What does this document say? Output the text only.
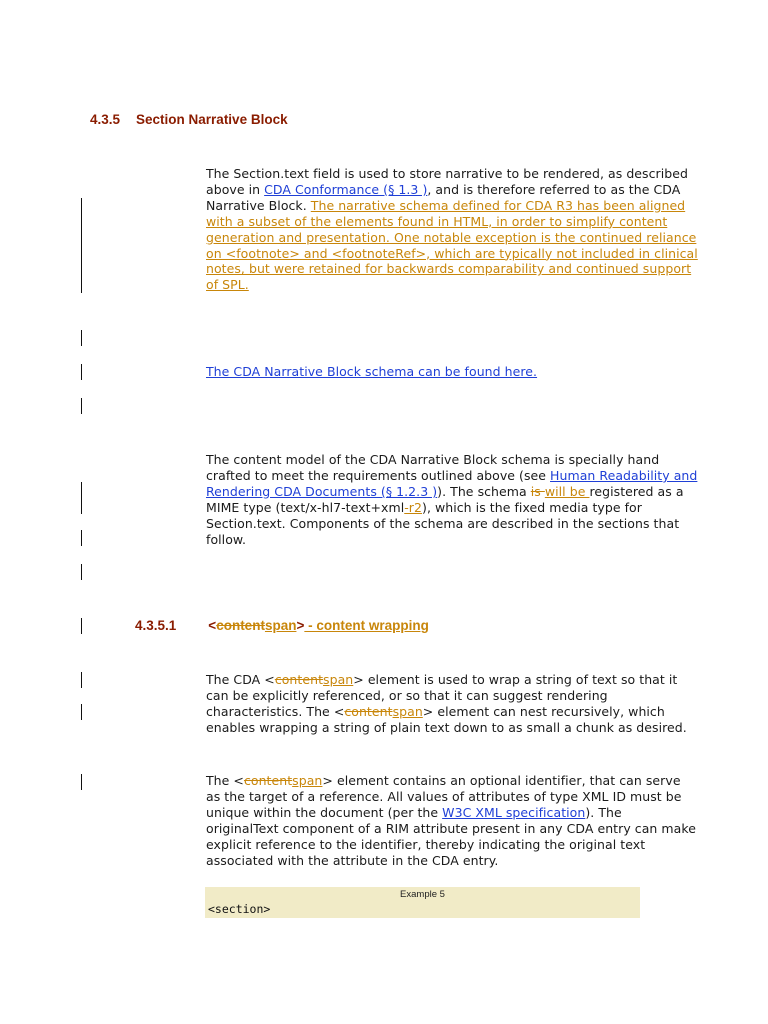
4.3.5 Section Narrative Block
The Section.text field is used to store narrative to be rendered, as described above in CDA Conformance (§ 1.3 ), and is therefore referred to as the CDA Narrative Block. The narrative schema defined for CDA R3 has been aligned with a subset of the elements found in HTML, in order to simplify content generation and presentation. One notable exception is the continued reliance on <footnote> and <footnoteRef>, which are typically not included in clinical notes, but were retained for backwards comparability and continued support of SPL.
The CDA Narrative Block schema can be found here.
The content model of the CDA Narrative Block schema is specially hand crafted to meet the requirements outlined above (see Human Readability and Rendering CDA Documents (§ 1.2.3 )). The schema is will be registered as a MIME type (text/x-hl7-text+xml-r2), which is the fixed media type for Section.text. Components of the schema are described in the sections that follow.
4.3.5.1 <contentspan> - content wrapping
The CDA <contentspan> element is used to wrap a string of text so that it can be explicitly referenced, or so that it can suggest rendering characteristics. The <contentspan> element can nest recursively, which enables wrapping a string of plain text down to as small a chunk as desired.
The <contentspan> element contains an optional identifier, that can serve as the target of a reference. All values of attributes of type XML ID must be unique within the document (per the W3C XML specification). The originalText component of a RIM attribute present in any CDA entry can make explicit reference to the identifier, thereby indicating the original text associated with the attribute in the CDA entry.
Example 5
<section>
